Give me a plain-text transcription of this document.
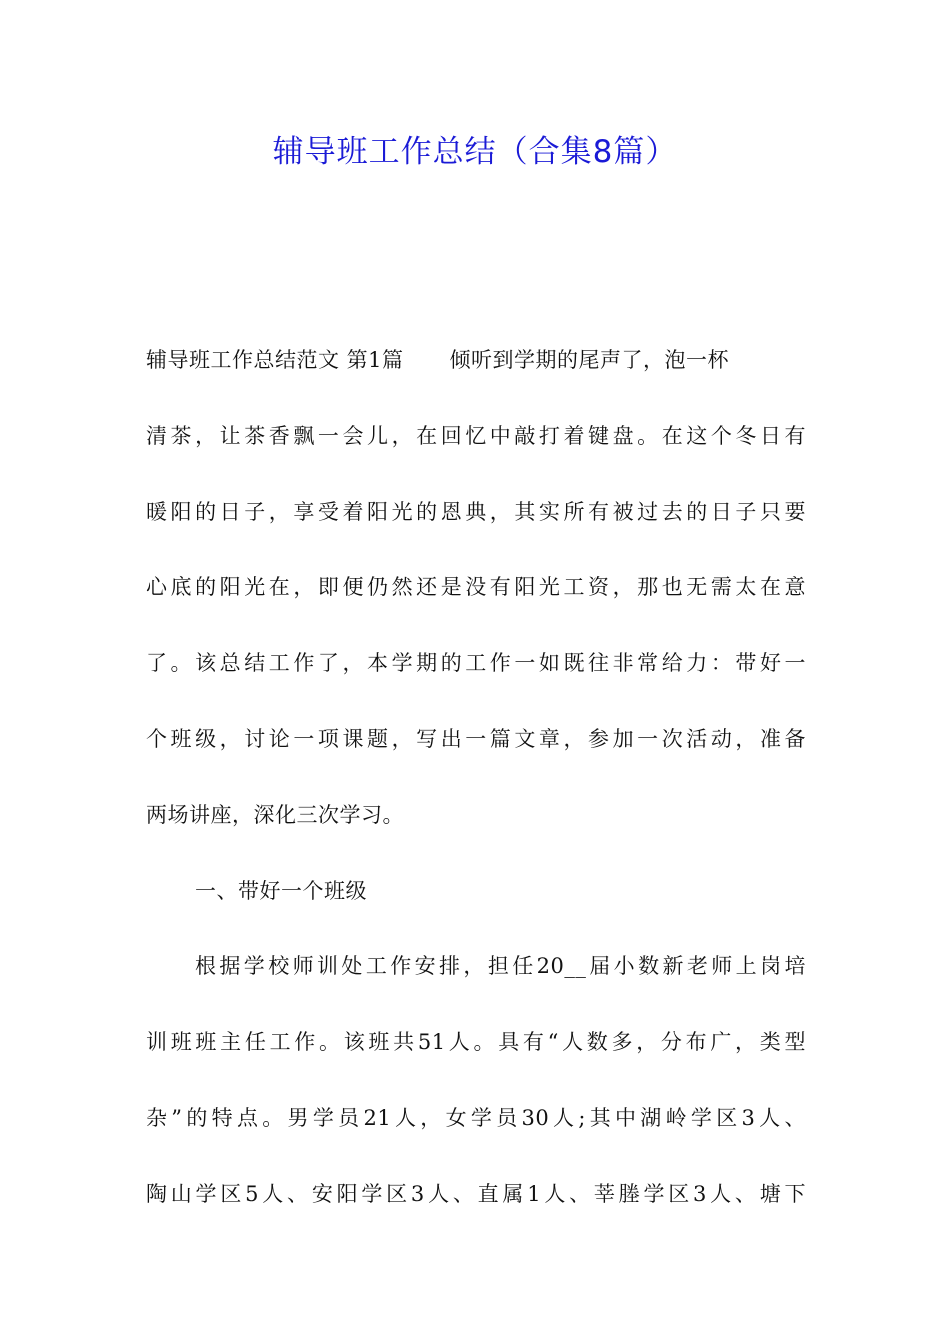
辅导班工作总结（合集8篇）
辅导班工作总结范文 第1篇 倾听到学期的尾声了，泡一杯
清茶，让茶香飘一会儿，在回忆中敲打着键盘。在这个冬日有
暖阳的日子，享受着阳光的恩典，其实所有被过去的日子只要
心底的阳光在，即便仍然还是没有阳光工资，那也无需太在意
了。该总结工作了，本学期的工作一如既往非常给力：带好一
个班级，讨论一项课题，写出一篇文章，参加一次活动，准备
两场讲座，深化三次学习。
一、带好一个班级
根据学校师训处工作安排，担任20__届小数新老师上岗培
训班班主任工作。该班共51人。具有“人数多，分布广，类型
杂”的特点。男学员21人，女学员30人;其中湖岭学区3人、
陶山学区5人、安阳学区3人、直属1人、莘塍学区3人、塘下
